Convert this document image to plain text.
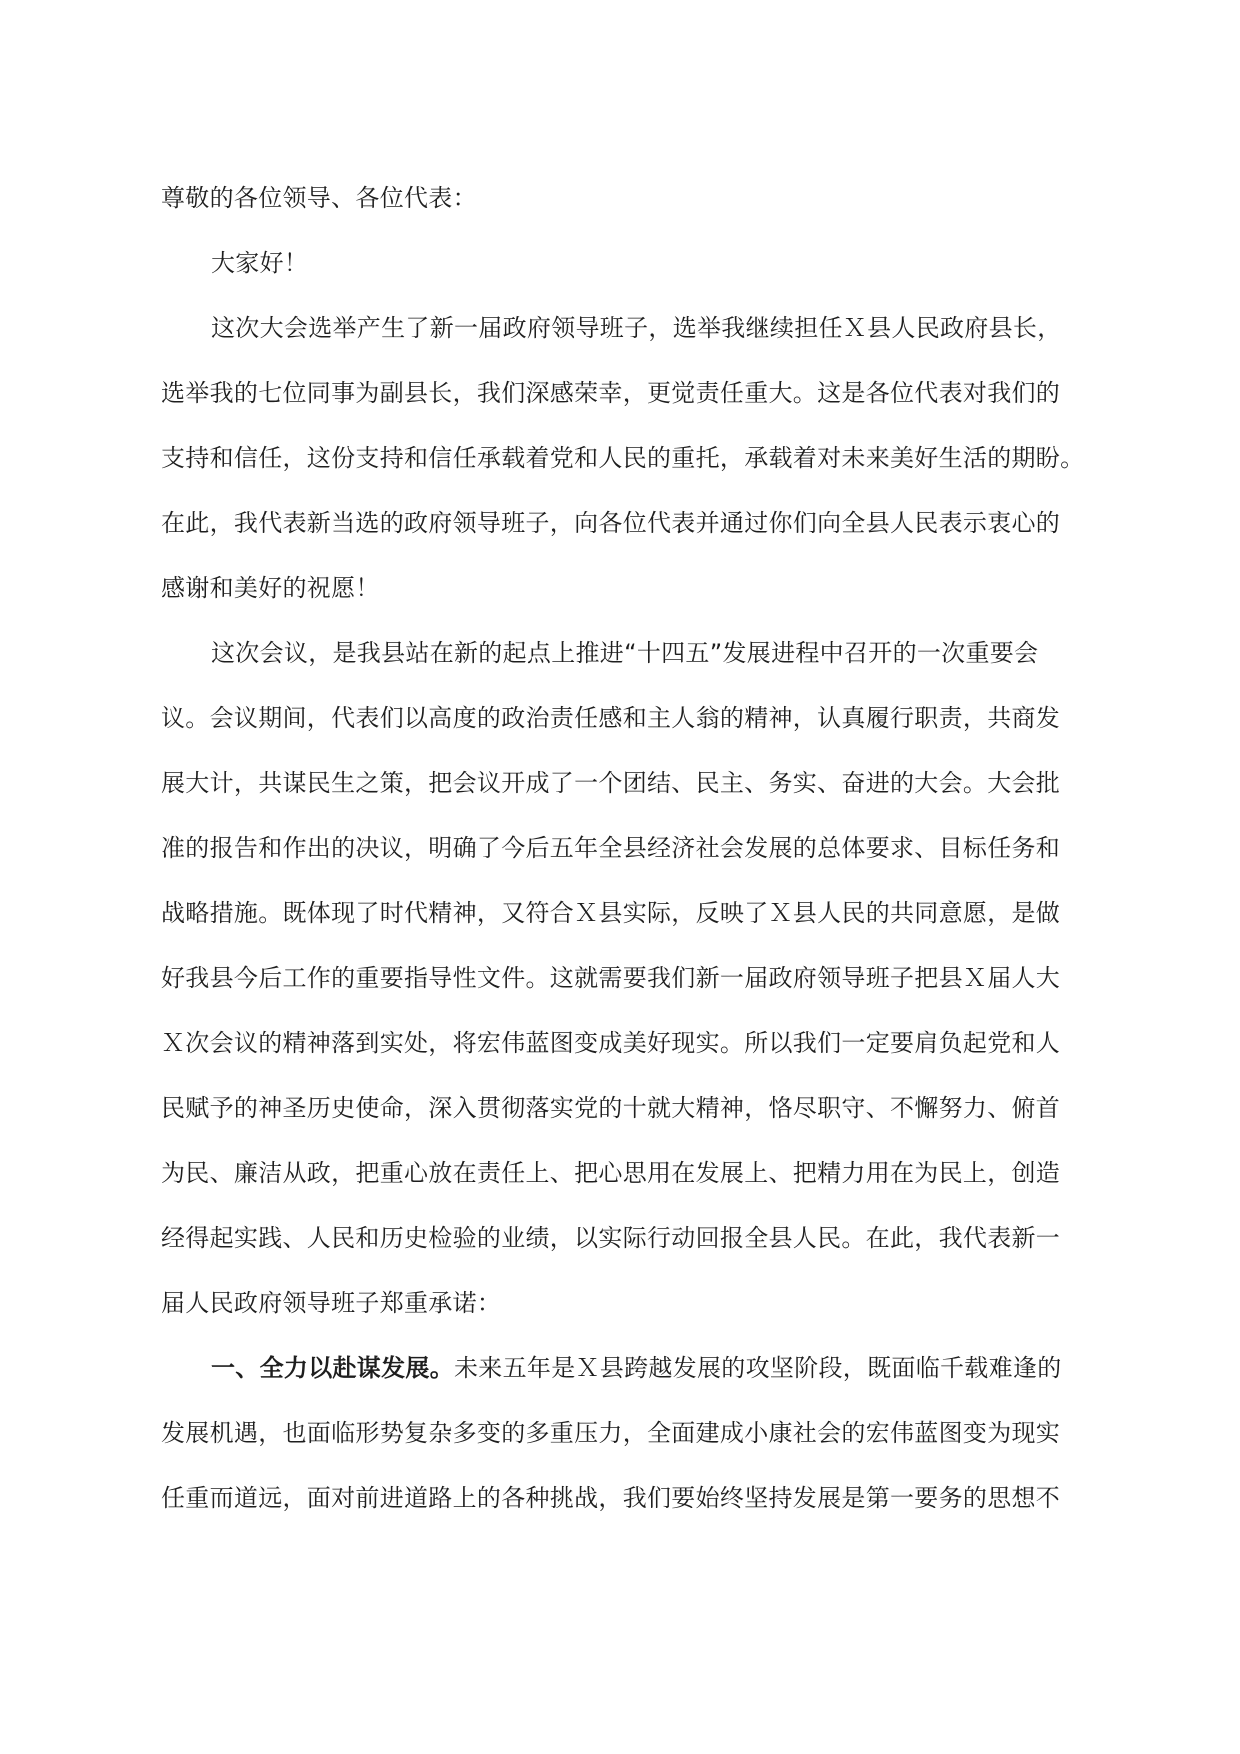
尊敬的各位领导、各位代表：
大家好！
这次大会选举产生了新一届政府领导班子，选举我继续担任Ｘ县人民政府县长，
选举我的七位同事为副县长，我们深感荣幸，更觉责任重大。这是各位代表对我们的
支持和信任，这份支持和信任承载着党和人民的重托，承载着对未来美好生活的期盼。
在此，我代表新当选的政府领导班子，向各位代表并通过你们向全县人民表示衷心的
感谢和美好的祝愿！
这次会议，是我县站在新的起点上推进“十四五”发展进程中召开的一次重要会
议。会议期间，代表们以高度的政治责任感和主人翁的精神，认真履行职责，共商发
展大计，共谋民生之策，把会议开成了一个团结、民主、务实、奋进的大会。大会批
准的报告和作出的决议，明确了今后五年全县经济社会发展的总体要求、目标任务和
战略措施。既体现了时代精神，又符合Ｘ县实际，反映了Ｘ县人民的共同意愿，是做
好我县今后工作的重要指导性文件。这就需要我们新一届政府领导班子把县Ｘ届人大
Ｘ次会议的精神落到实处，将宏伟蓝图变成美好现实。所以我们一定要肩负起党和人
民赋予的神圣历史使命，深入贯彻落实党的十就大精神，恪尽职守、不懈努力、俯首
为民、廉洁从政，把重心放在责任上、把心思用在发展上、把精力用在为民上，创造
经得起实践、人民和历史检验的业绩，以实际行动回报全县人民。在此，我代表新一
届人民政府领导班子郑重承诺：
一、全力以赴谋发展。未来五年是Ｘ县跨越发展的攻坚阶段，既面临千载难逢的
发展机遇，也面临形势复杂多变的多重压力，全面建成小康社会的宏伟蓝图变为现实
任重而道远，面对前进道路上的各种挑战，我们要始终坚持发展是第一要务的思想不
